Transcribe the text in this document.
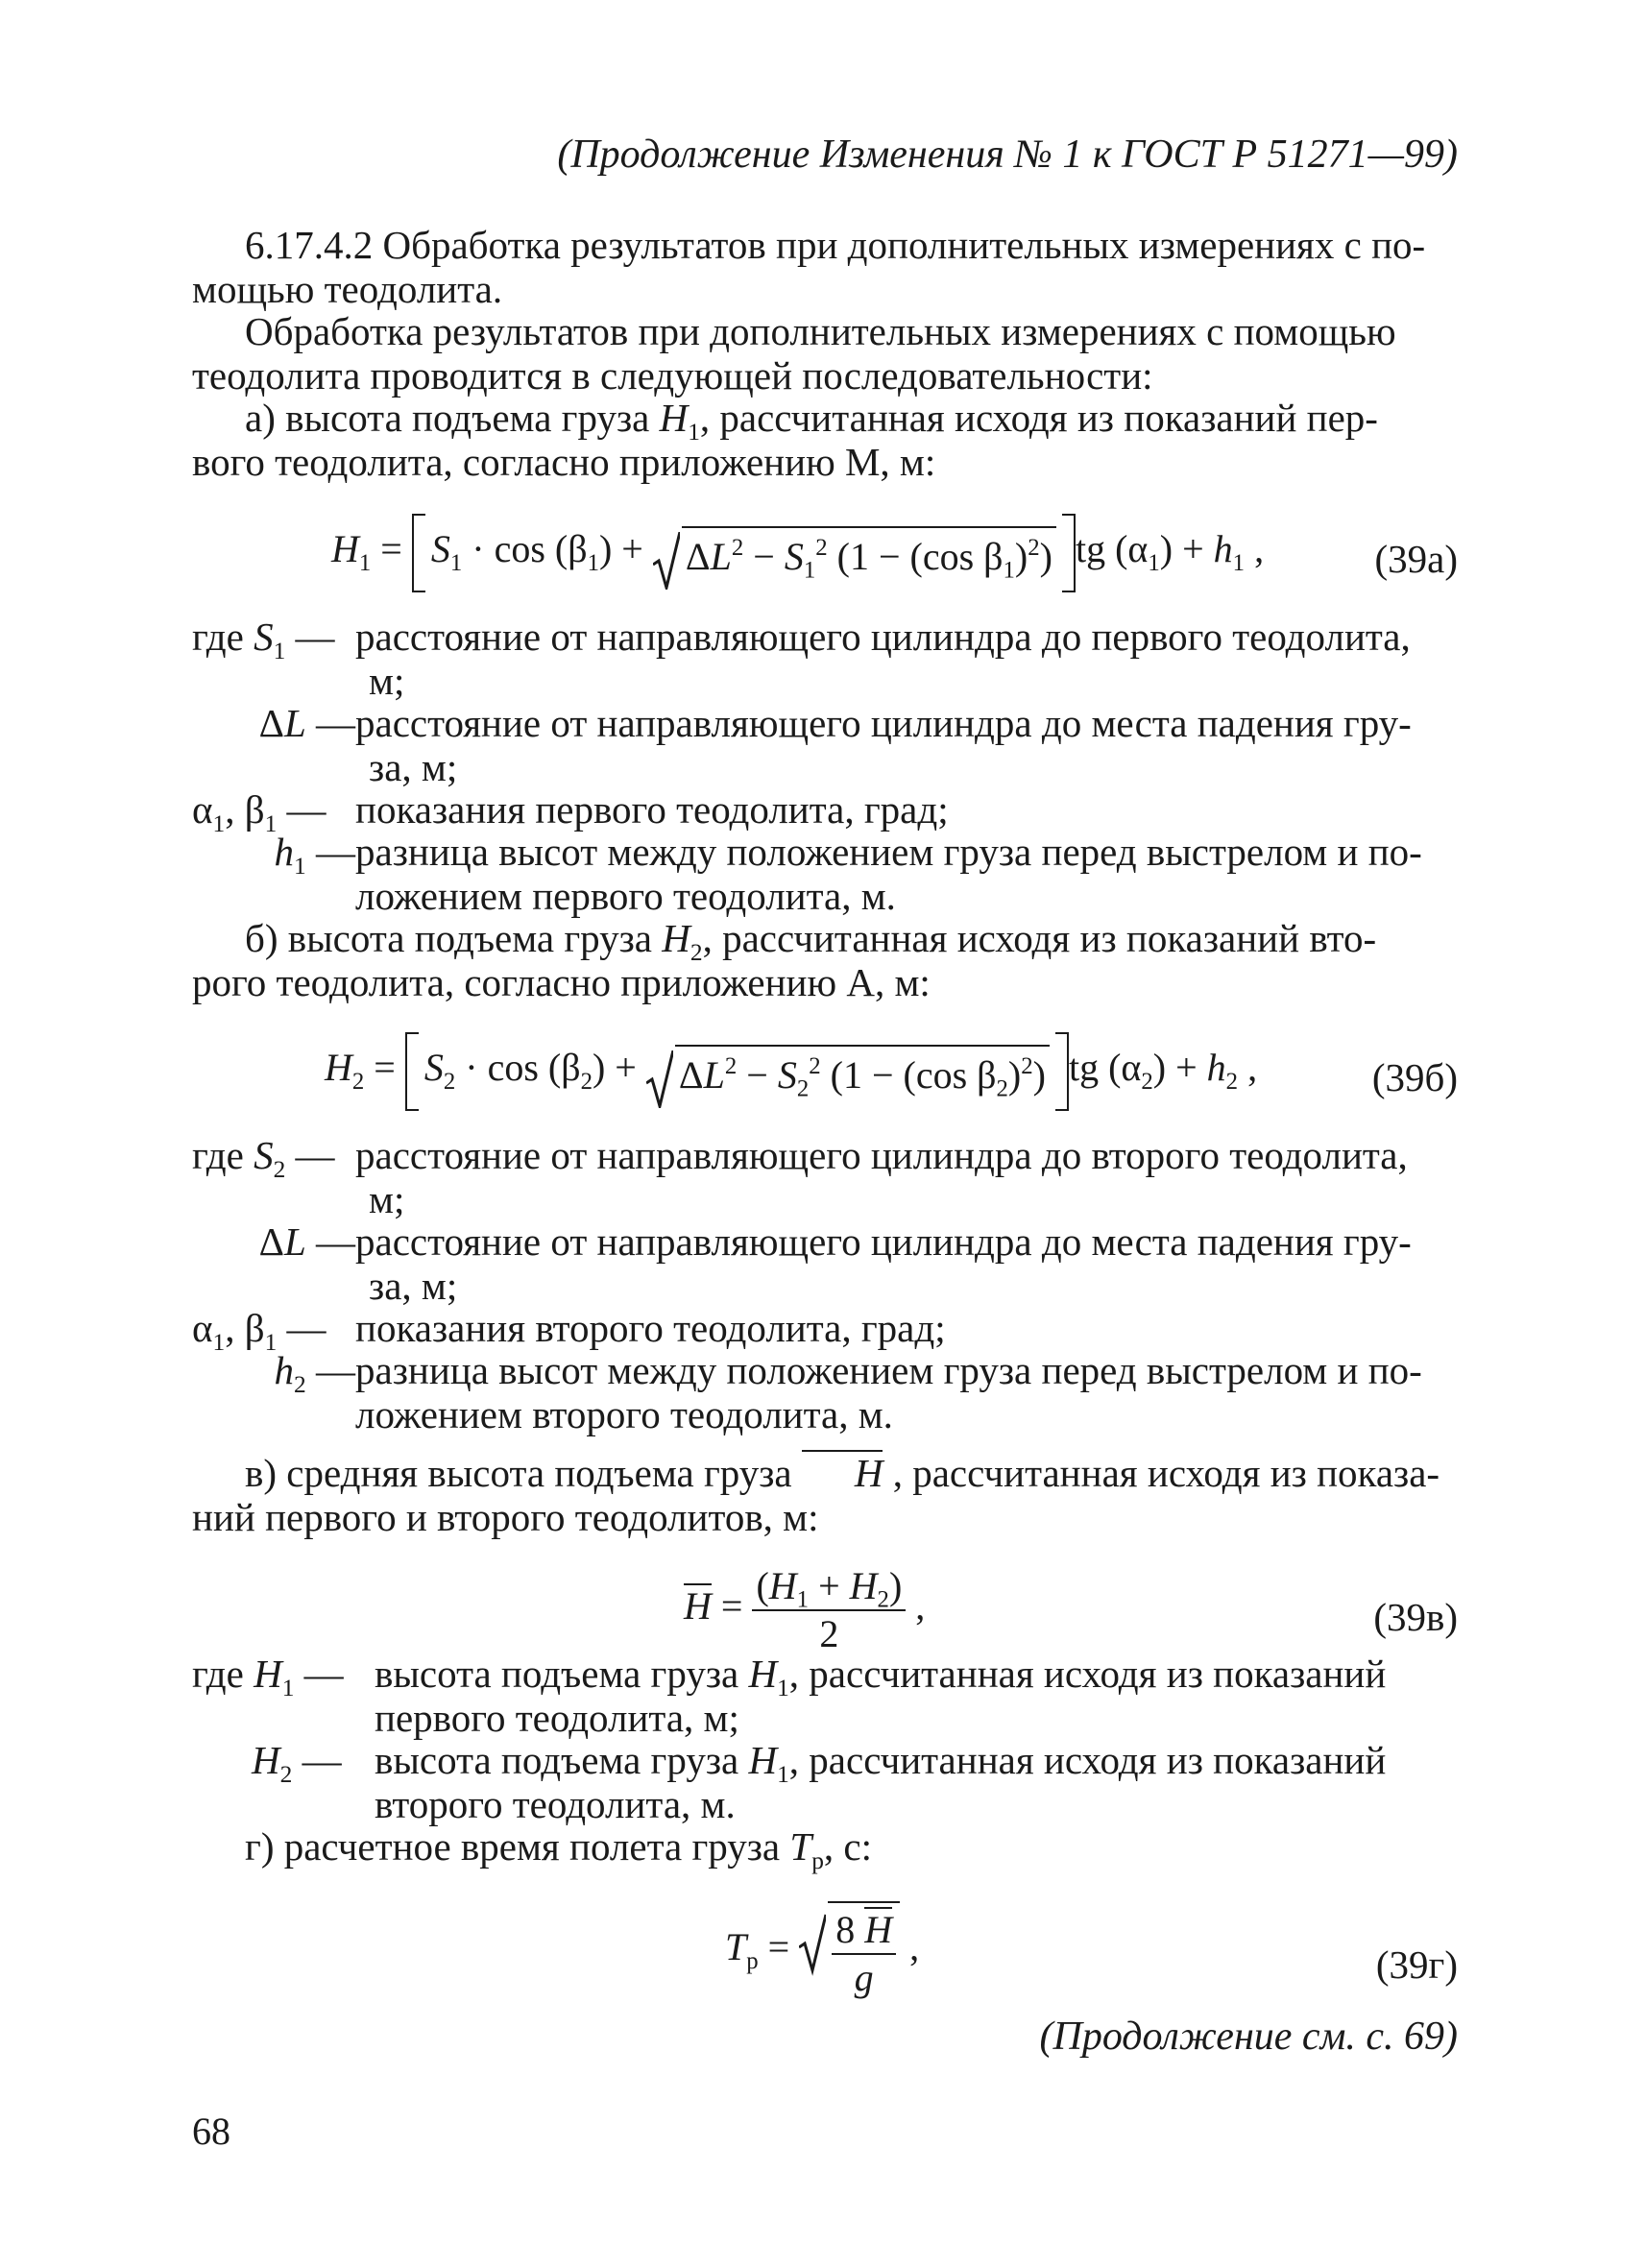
(Продолжение Изменения № 1 к ГОСТ Р 51271—99)
6.17.4.2 Обработка результатов при дополнительных измерениях с по-
мощью теодолита.
Обработка результатов при дополнительных измерениях с помощью
теодолита проводится в следующей последовательности:
а) высота подъема груза $H_1$, рассчитанная исходя из показаний пер-
вого теодолита, согласно приложению М, м:
$H_1 = S_1 \cdot \cos (\beta_1)$ +
$\Delta L^2 - S_1^2$ (1 − (cos $\beta_1)^2$) tg $(\alpha_1) + h_1$ ,	(39а)
где $S_1$ — расстояние от направляющего цилиндра до первого теодолита,
м;
ΔL — расстояние от направляющего цилиндра до места падения гру-
за, м;
$\alpha_1$, $\beta_1$ — показания первого теодолита, град;
$h_1$ — разница высот между положением груза перед выстрелом и по-
ложением первого теодолита, м.
б) высота подъема груза $H_2$, рассчитанная исходя из показаний вто-
рого теодолита, согласно приложению А, м:
$H_2 = S_2 \cdot \cos (\beta_2)$ +
$\Delta L^2 - S_2^2$ (1 − (cos $\beta_2)^2$) tg $(\alpha_2) + h_2$ ,	(39б)
где $S_2$ — расстояние от направляющего цилиндра до второго теодолита,
м;
ΔL — расстояние от направляющего цилиндра до места падения гру-
за, м;
$\alpha_1$, $\beta_1$ — показания второго теодолита, град;
$h_2$ — разница высот между положением груза перед выстрелом и по-
ложением второго теодолита, м.
в) средняя высота подъема груза H , рассчитанная исходя из показа-
ний первого и второго теодолитов, м:
$H = \frac{(H_1 + H_2)}{2}$ ,	(39в)
где $H_1$ — высота подъема груза $H_1$, рассчитанная исходя из показаний
первого теодолита, м;
$H_2$ — высота подъема груза $H_1$, рассчитанная исходя из показаний
второго теодолита, м.
г) расчетное время полета груза $T_р$, с:
$T_р = \frac{8 H}{g}$ ,	(39г)
(Продолжение см. с. 69)
68
